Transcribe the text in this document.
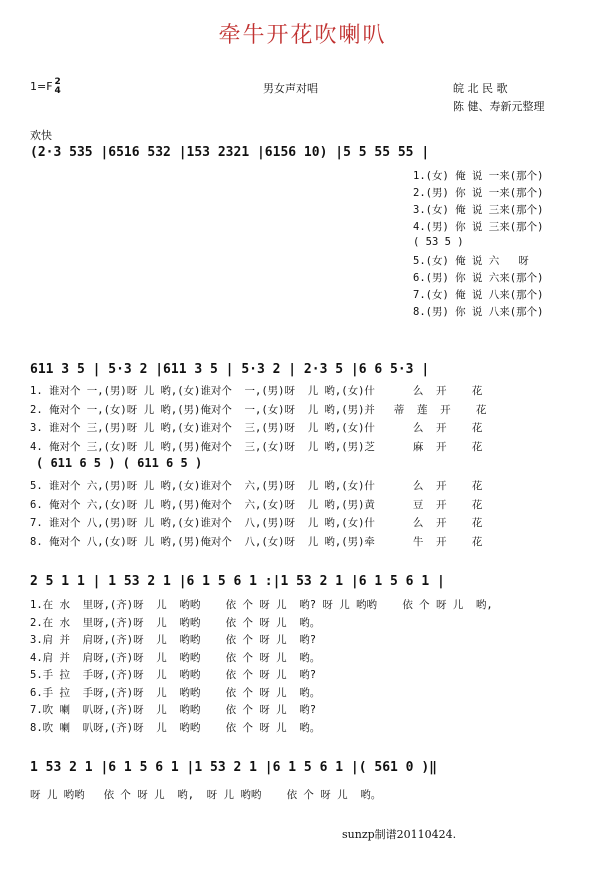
牵牛开花吹喇叭
1=F 2
4	男女声对唱	皖 北 民 歌
陈 健、寿新元整理
欢快
(2·3 535 |6516 532 |153 2321 |6156 10) |5 5 55 55 |
1.(女) 俺 说 一来(那个)
2.(男) 你 说 一来(那个)
3.(女) 俺 说 三来(那个)
4.(男) 你 说 三来(那个)
( 53 5 )
5.(女) 俺 说 六   呀
6.(男) 你 说 六来(那个)
7.(女) 俺 说 八来(那个)
8.(男) 你 说 八来(那个)
611 3 5 | 5·3 2 |611 3 5 | 5·3 2 | 2·3 5 |6 6 5·3 |
1. 谁对个 一,(男)呀 儿 哟,(女)谁对个  一,(男)呀  儿 哟,(女)什      么  开    花
2. 俺对个 一,(女)呀 儿 哟,(男)俺对个  一,(女)呀  儿 哟,(男)并   蒂  莲  开    花
3. 谁对个 三,(男)呀 儿 哟,(女)谁对个  三,(男)呀  儿 哟,(女)什      么  开    花
4. 俺对个 三,(女)呀 儿 哟,(男)俺对个  三,(女)呀  儿 哟,(男)芝      麻  开    花
( 611 6 5 ) ( 611 6 5 )
5. 谁对个 六,(男)呀 儿 哟,(女)谁对个  六,(男)呀  儿 哟,(女)什      么  开    花
6. 俺对个 六,(女)呀 儿 哟,(男)俺对个  六,(女)呀  儿 哟,(男)黄      豆  开    花
7. 谁对个 八,(男)呀 儿 哟,(女)谁对个  八,(男)呀  儿 哟,(女)什      么  开    花
8. 俺对个 八,(女)呀 儿 哟,(男)俺对个  八,(女)呀  儿 哟,(男)牵      牛  开    花
2 5 1 1 | 1 53 2 1 |6 1 5 6 1 :|1 53 2 1 |6 1 5 6 1 |
1.在 水  里呀,(齐)呀  儿  哟哟    依 个 呀 儿  哟? 呀 儿 哟哟    依 个 呀 儿  哟,
2.在 水  里呀,(齐)呀  儿  哟哟    依 个 呀 儿  哟。
3.肩 并  肩呀,(齐)呀  儿  哟哟    依 个 呀 儿  哟?
4.肩 并  肩呀,(齐)呀  儿  哟哟    依 个 呀 儿  哟。
5.手 拉  手呀,(齐)呀  儿  哟哟    依 个 呀 儿  哟?
6.手 拉  手呀,(齐)呀  儿  哟哟    依 个 呀 儿  哟。
7.吹 喇  叭呀,(齐)呀  儿  哟哟    依 个 呀 儿  哟?
8.吹 喇  叭呀,(齐)呀  儿  哟哟    依 个 呀 儿  哟。
1 53 2 1 |6 1 5 6 1 |1 53 2 1 |6 1 5 6 1 |( 561 0 )‖
呀 儿 哟哟   依 个 呀 儿  哟,  呀 儿 哟哟    依 个 呀 儿  哟。
sunzp制谱20110424.
